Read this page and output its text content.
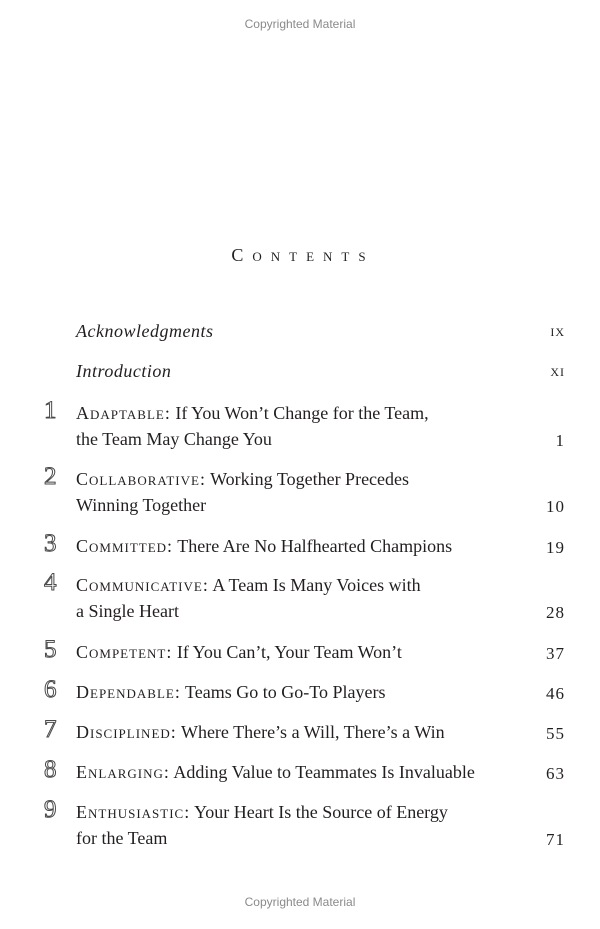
Copyrighted Material
Contents
Acknowledgments	ix
Introduction	xi
1	Adaptable: If You Won’t Change for the Team,
the Team May Change You	1
2	Collaborative: Working Together Precedes
Winning Together	10
3	Committed: There Are No Halfhearted Champions	19
4	Communicative: A Team Is Many Voices with
a Single Heart	28
5	Competent: If You Can’t, Your Team Won’t	37
6	Dependable: Teams Go to Go-To Players	46
7	Disciplined: Where There’s a Will, There’s a Win	55
8	Enlarging: Adding Value to Teammates Is Invaluable	63
9	Enthusiastic: Your Heart Is the Source of Energy
for the Team	71
Copyrighted Material
